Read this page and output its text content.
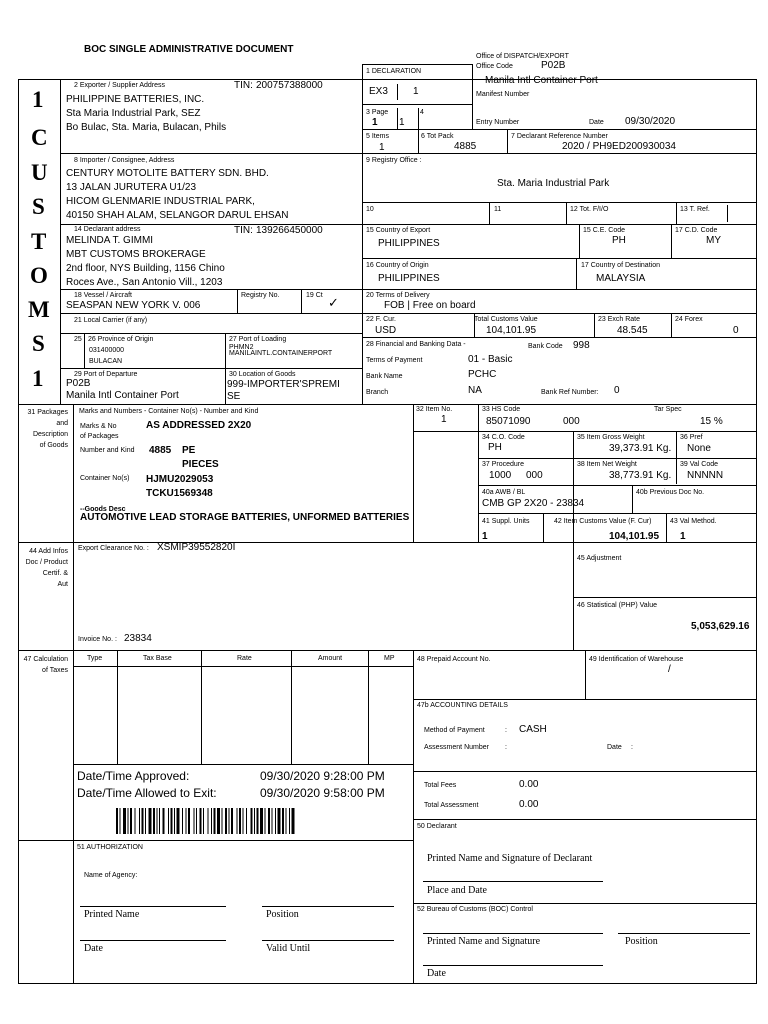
BOC SINGLE ADMINISTRATIVE DOCUMENT
Office of DISPATCH/EXPORT
Office Code	P02B
Manila Intl Container Port
Manifest Number
Entry Number	Date 09/30/2020
1
C
U
S
T
O
M
S
1
2 Exporter / Supplier Address	TIN: 200757388000
PHILIPPINE BATTERIES, INC.
Sta Maria Industrial Park, SEZ
Bo Bulac, Sta. Maria, Bulacan, Phils
1 DECLARATION
EX3	1
3 Page
1 1
4
5 Items
1
6 Tot Pack
4885
7 Declarant Reference Number
2020 / PH9ED200930034
8 Importer / Consignee, Address
CENTURY MOTOLITE BATTERY SDN. BHD.
13 JALAN JURUTERA U1/23
HICOM GLENMARIE INDUSTRIAL PARK,
40150 SHAH ALAM, SELANGOR DARUL EHSAN
9 Registry Office :
Sta. Maria Industrial Park
10	11	12 Tot. F/I/O	13 T. Ref.
14 Declarant address	TIN: 139266450000
MELINDA T. GIMMI
MBT CUSTOMS BROKERAGE
2nd floor, NYS Building, 1156 Chino
Roces Ave., San Antonio Vill., 1203
15 Country of Export
PHILIPPINES
15 C.E. Code
PH
17 C.D. Code
MY
16 Country of Origin
PHILIPPINES
17 Country of Destination
MALAYSIA
18 Vessel / Aircraft	Registry No.
SEASPAN NEW YORK V. 006
19 Ct ✓	20 Terms of Delivery
FOB | Free on board
21 Local Carrier (if any)	22 F. Cur.
USD
Total Customs Value
104,101.95
23 Exch Rate
48.545
24 Forex
0
25 26 Province of Origin
031400000
BULACAN
27 Port of Loading
PHMN2
MANILAINTL.CONTAINERPORT
28 Financial and Banking Data -	Bank Code 998
Terms of Payment	01 - Basic
Bank Name	PCHC
Branch	NA	Bank Ref Number: 0
29 Port of Departure
P02B
Manila Intl Container Port
30 Location of Goods
999-IMPORTER'SPREMI
SE
31 Packages
and
Description
of Goods
Marks and Numbers - Container No(s) - Number and Kind
Marks & No	AS ADDRESSED 2X20
of Packages
Number and Kind 4885 PE
PIECES
Container No(s) HJMU2029053
TCKU1569348
--Goods Desc
AUTOMOTIVE LEAD STORAGE BATTERIES, UNFORMED BATTERIES
32 Item No.
1
33 HS Code
85071090	000
Tar Spec
15 %
34 C.O. Code
PH
35 Item Gross Weight
39,373.91 Kg.
36 Pref
None
37 Procedure
1000 000
38 Item Net Weight
38,773.91 Kg.
39 Val Code
NNNNN
40a AWB / BL
CMB GP 2X20 - 23834
40b Previous Doc No.
41 Suppl. Units
1
42 Item Customs Value (F. Cur)
104,101.95
43 Val Method.
1
44 Add Infos
Doc / Product
Certif. &
Aut
Export Clearance No. : XSMIP39552820I
Invoice No. : 23834
45 Adjustment
46 Statistical (PHP) Value
5,053,629.16
47 Calculation
of Taxes
Type	Tax Base	Rate	Amount	MP	48 Prepaid Account No.	49 Identification of Warehouse
/
47b ACCOUNTING DETAILS
Method of Payment	: CASH
Assessment Number :	Date :
Total Fees	0.00
Total Assessment	0.00
Date/Time Approved:	09/30/2020 9:28:00 PM
Date/Time Allowed to Exit:	09/30/2020 9:58:00 PM
50 Declarant
Printed Name and Signature of Declarant
Place and Date
51 AUTHORIZATION
Name of Agency:
Printed Name	Position
Date	Valid Until
52 Bureau of Customs (BOC) Control
Printed Name and Signature	Position
Date
